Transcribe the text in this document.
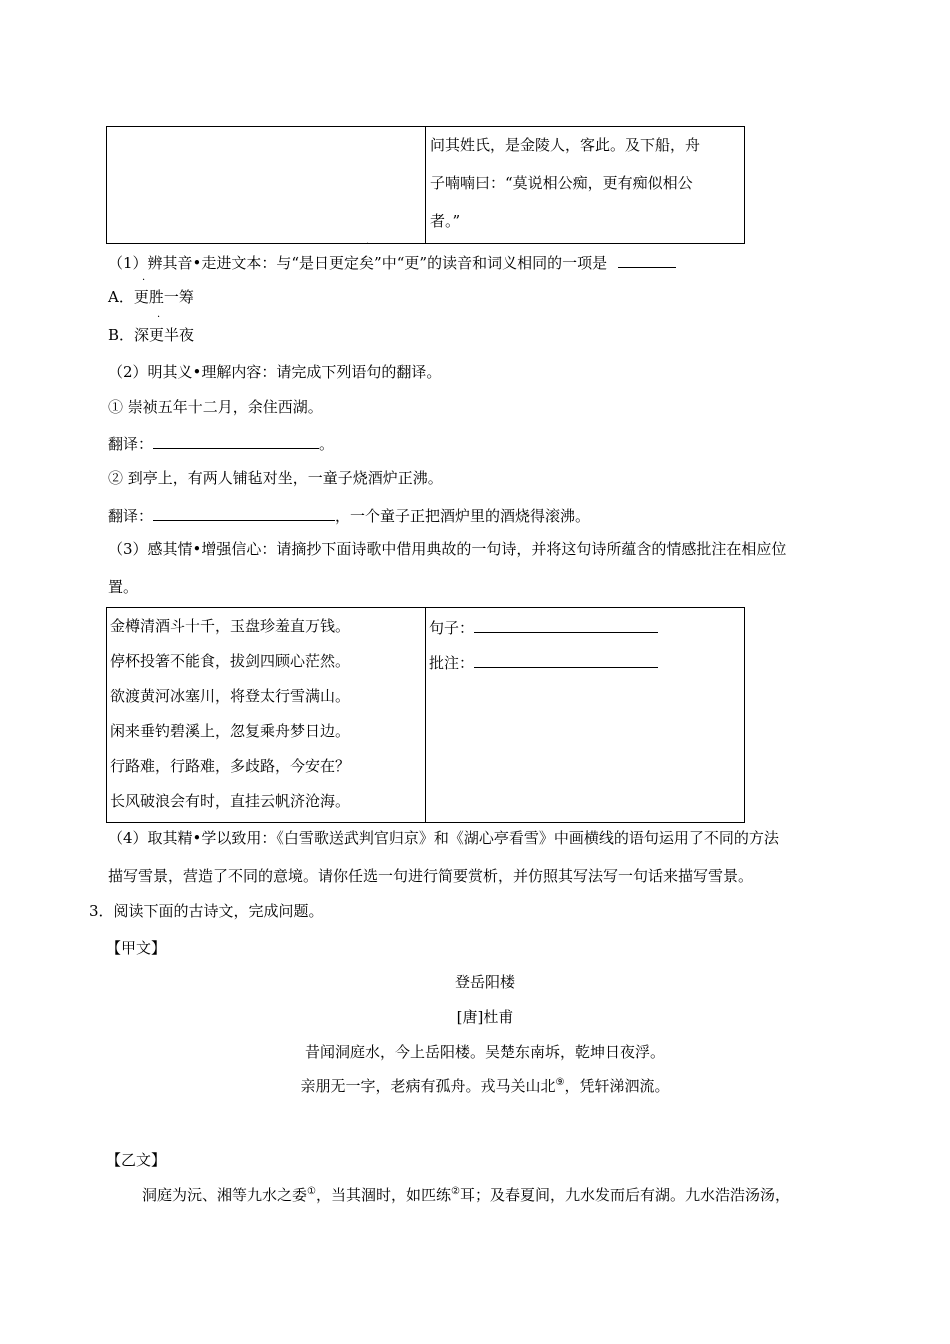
问其姓氏，是金陵人，客此。及下船，舟
子喃喃曰：“莫说相公痴，更有痴似相公
者。”
·
（1）辨其音•走进文本：与“是日更定矣”中“更”的读音和词义相同的一项是
·
A．更胜一筹
·
B．深更半夜
（2）明其义•理解内容：请完成下列语句的翻译。
① 崇祯五年十二月，余住西湖。
翻译：	。
② 到亭上，有两人铺毡对坐，一童子烧酒炉正沸。
翻译：	，一个童子正把酒炉里的酒烧得滚沸。
（3）感其情•增强信心：请摘抄下面诗歌中借用典故的一句诗，并将这句诗所蕴含的情感批注在相应位
置。
金樽清酒斗十千，玉盘珍羞直万钱。
停杯投箸不能食，拔剑四顾心茫然。
欲渡黄河冰塞川，将登太行雪满山。
闲来垂钓碧溪上，忽复乘舟梦日边。
行路难，行路难，多歧路，今安在？
长风破浪会有时，直挂云帆济沧海。
句子：
批注：
（4）取其精•学以致用：《白雪歌送武判官归京》和《湖心亭看雪》中画横线的语句运用了不同的方法
描写雪景，营造了不同的意境。请你任选一句进行简要赏析，并仿照其写法写一句话来描写雪景。
3．阅读下面的古诗文，完成问题。
【甲文】
登岳阳楼
[唐]杜甫
昔闻洞庭水，今上岳阳楼。吴楚东南坼，乾坤日夜浮。
亲朋无一字，老病有孤舟。戎马关山北⑨，凭轩涕泗流。
【乙文】
洞庭为沅、湘等九水之委①，当其涸时，如匹练②耳；及春夏间，九水发而后有湖。九水浩浩汤汤，
